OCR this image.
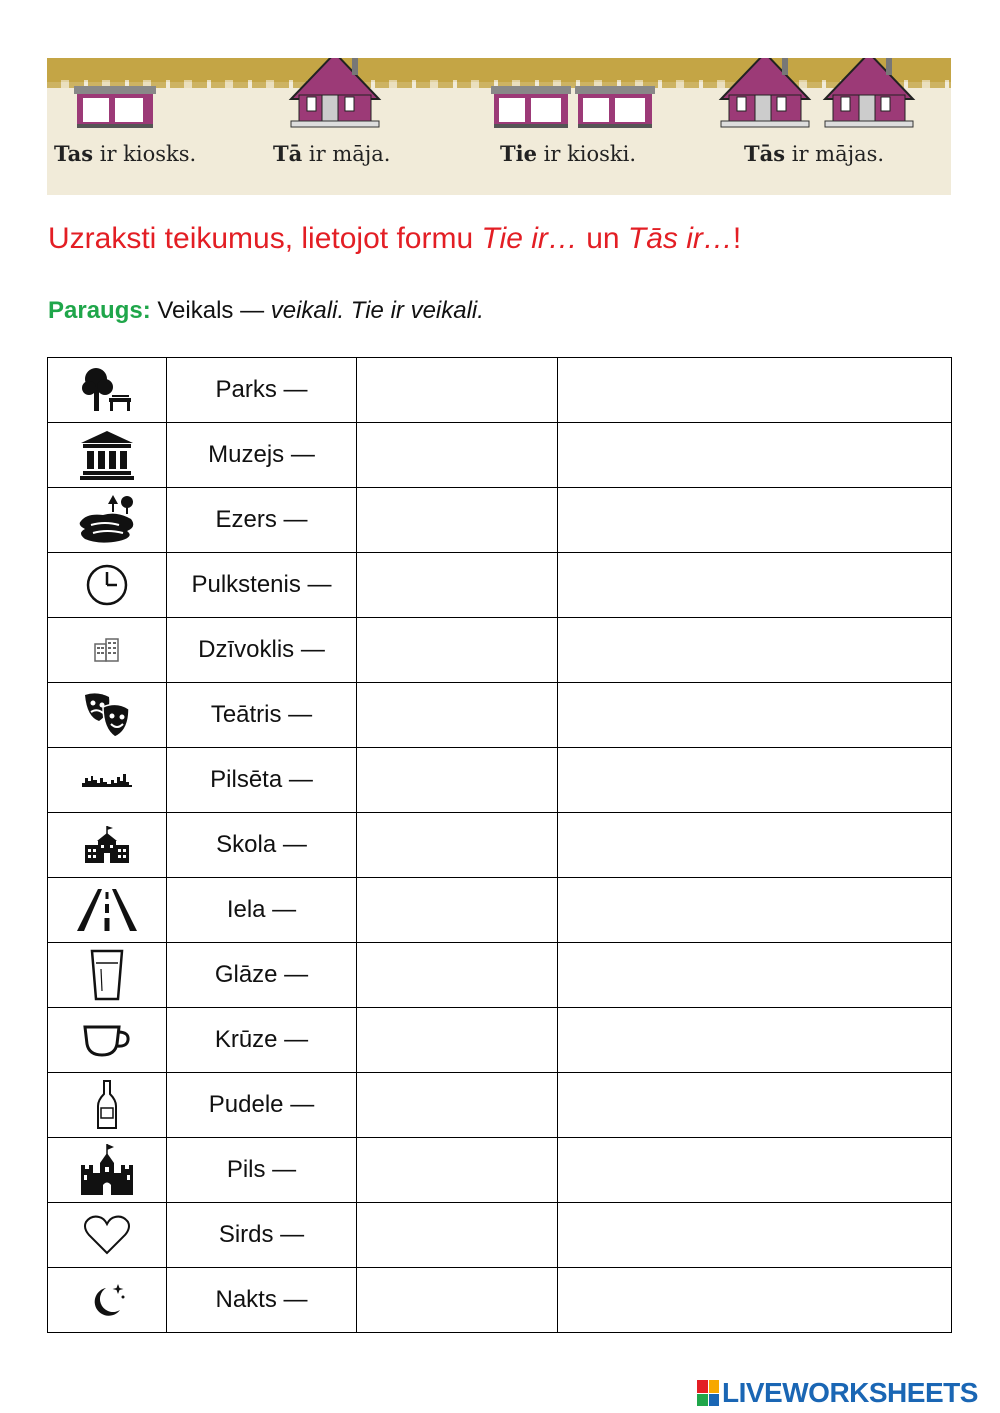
Tas ir kiosks.	Tā ir māja.	Tie ir kioski.	Tās ir mājas.
Uzraksti teikumus, lietojot formu Tie ir… un Tās ir…!
Paraugs: Veikals — veikali. Tie ir veikali.
	Parks —		

	Muzejs —		

	Ezers —		

	Pulkstenis —		

	Dzīvoklis —		

	Teātris —		

	Pilsēta —		

	Skola —		

	Iela —		

	Glāze —		

	Krūze —		

	Pudele —		

	Pils —		

	Sirds —		

	Nakts —		
LIVEWORKSHEETS
